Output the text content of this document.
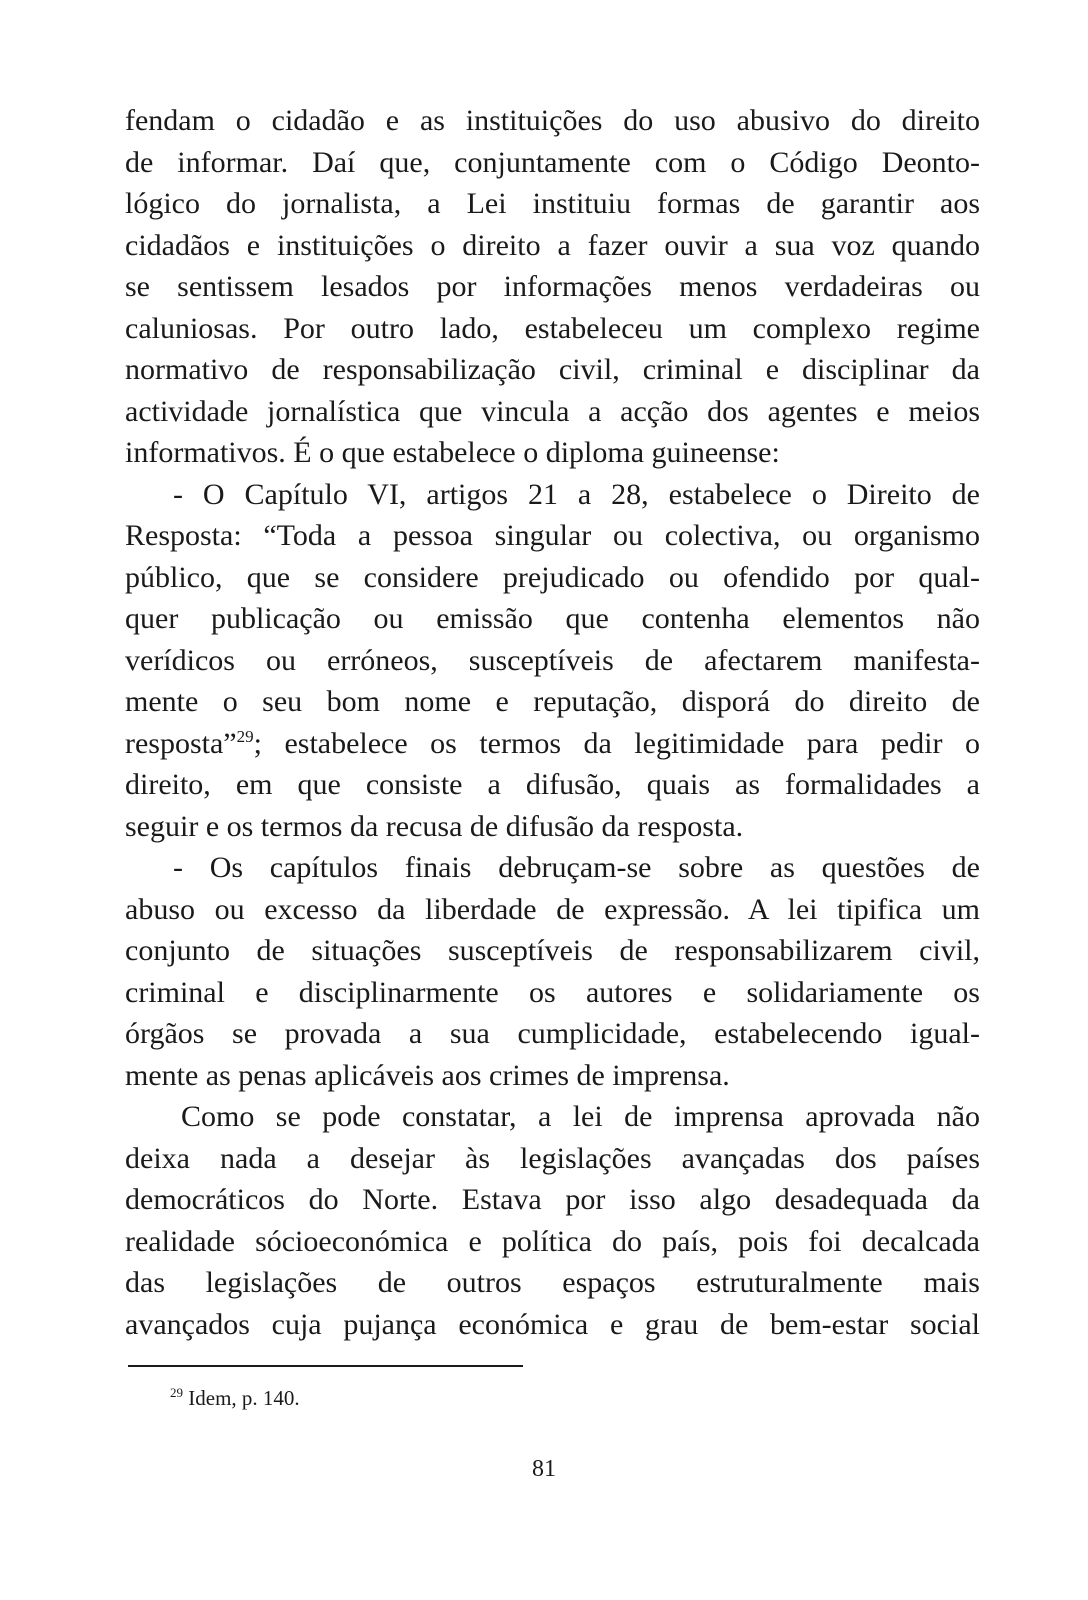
fendam o cidadão e as instituições do uso abusivo do direito
de informar. Daí que, conjuntamente com o Código Deonto-
lógico do jornalista, a Lei instituiu formas de garantir aos
cidadãos e instituições o direito a fazer ouvir a sua voz quando
se sentissem lesados por informações menos verdadeiras ou
caluniosas. Por outro lado, estabeleceu um complexo regime
normativo de responsabilização civil, criminal e disciplinar da
actividade jornalística que vincula a acção dos agentes e meios
informativos. É o que estabelece o diploma guineense:
- O Capítulo VI, artigos 21 a 28, estabelece o Direito de
Resposta: “Toda a pessoa singular ou colectiva, ou organismo
público, que se considere prejudicado ou ofendido por qual-
quer publicação ou emissão que contenha elementos não
verídicos ou erróneos, susceptíveis de afectarem manifesta-
mente o seu bom nome e reputação, disporá do direito de
resposta”$^{29}$; estabelece os termos da legitimidade para pedir o
direito, em que consiste a difusão, quais as formalidades a
seguir e os termos da recusa de difusão da resposta.
- Os capítulos finais debruçam-se sobre as questões de
abuso ou excesso da liberdade de expressão. A lei tipifica um
conjunto de situações susceptíveis de responsabilizarem civil,
criminal e disciplinarmente os autores e solidariamente os
órgãos se provada a sua cumplicidade, estabelecendo igual-
mente as penas aplicáveis aos crimes de imprensa.
Como se pode constatar, a lei de imprensa aprovada não
deixa nada a desejar às legislações avançadas dos países
democráticos do Norte. Estava por isso algo desadequada da
realidade sócioeconómica e política do país, pois foi decalcada
das legislações de outros espaços estruturalmente mais
avançados cuja pujança económica e grau de bem-estar social
$^{29}$ Idem, p. 140.
81
